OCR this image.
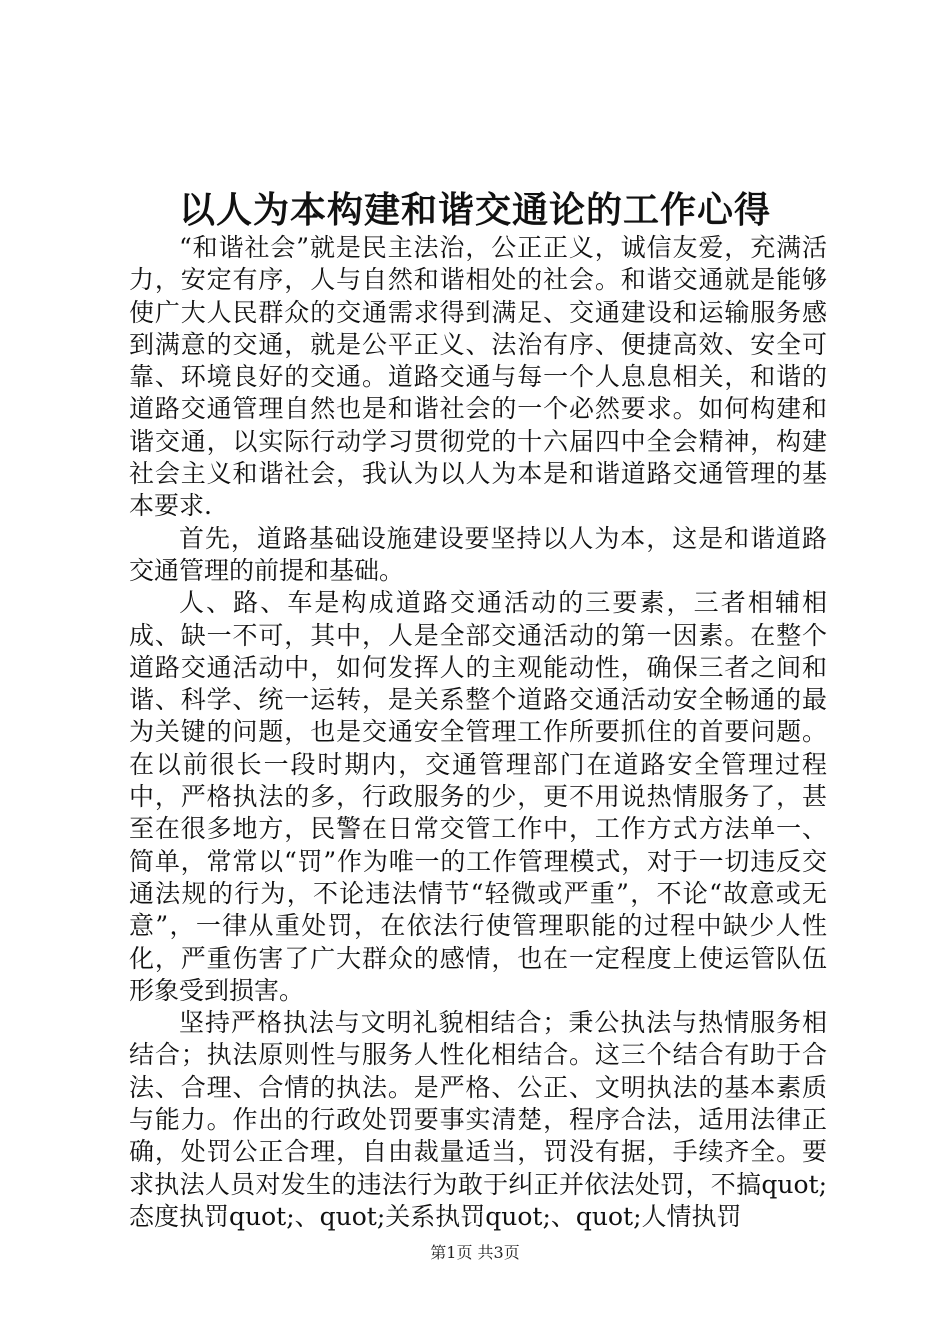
以人为本构建和谐交通论的工作心得

“和谐社会”就是民主法治，公正正义，诚信友爱，充满活力，安定有序，人与自然和谐相处的社会。和谐交通就是能够使广大人民群众的交通需求得到满足、交通建设和运输服务感到满意的交通，就是公平正义、法治有序、便捷高效、安全可靠、环境良好的交通。道路交通与每一个人息息相关，和谐的道路交通管理自然也是和谐社会的一个必然要求。如何构建和谐交通，以实际行动学习贯彻党的十六届四中全会精神，构建社会主义和谐社会，我认为以人为本是和谐道路交通管理的基本要求.

首先，道路基础设施建设要坚持以人为本，这是和谐道路交通管理的前提和基础。

人、路、车是构成道路交通活动的三要素，三者相辅相成、缺一不可，其中，人是全部交通活动的第一因素。在整个道路交通活动中，如何发挥人的主观能动性，确保三者之间和谐、科学、统一运转，是关系整个道路交通活动安全畅通的最为关键的问题，也是交通安全管理工作所要抓住的首要问题。在以前很长一段时期内，交通管理部门在道路安全管理过程中，严格执法的多，行政服务的少，更不用说热情服务了，甚至在很多地方，民警在日常交管工作中，工作方式方法单一、简单，常常以“罚”作为唯一的工作管理模式，对于一切违反交通法规的行为，不论违法情节“轻微或严重”，不论“故意或无意”，一律从重处罚，在依法行使管理职能的过程中缺少人性化，严重伤害了广大群众的感情，也在一定程度上使运管队伍形象受到损害。

坚持严格执法与文明礼貌相结合；秉公执法与热情服务相结合；执法原则性与服务人性化相结合。这三个结合有助于合法、合理、合情的执法。是严格、公正、文明执法的基本素质与能力。作出的行政处罚要事实清楚，程序合法，适用法律正确，处罚公正合理，自由裁量适当，罚没有据，手续齐全。要求执法人员对发生的违法行为敢于纠正并依法处罚，不搞quot;态度执罚quot;、quot;关系执罚quot;、quot;人情执罚

第1页 共3页
